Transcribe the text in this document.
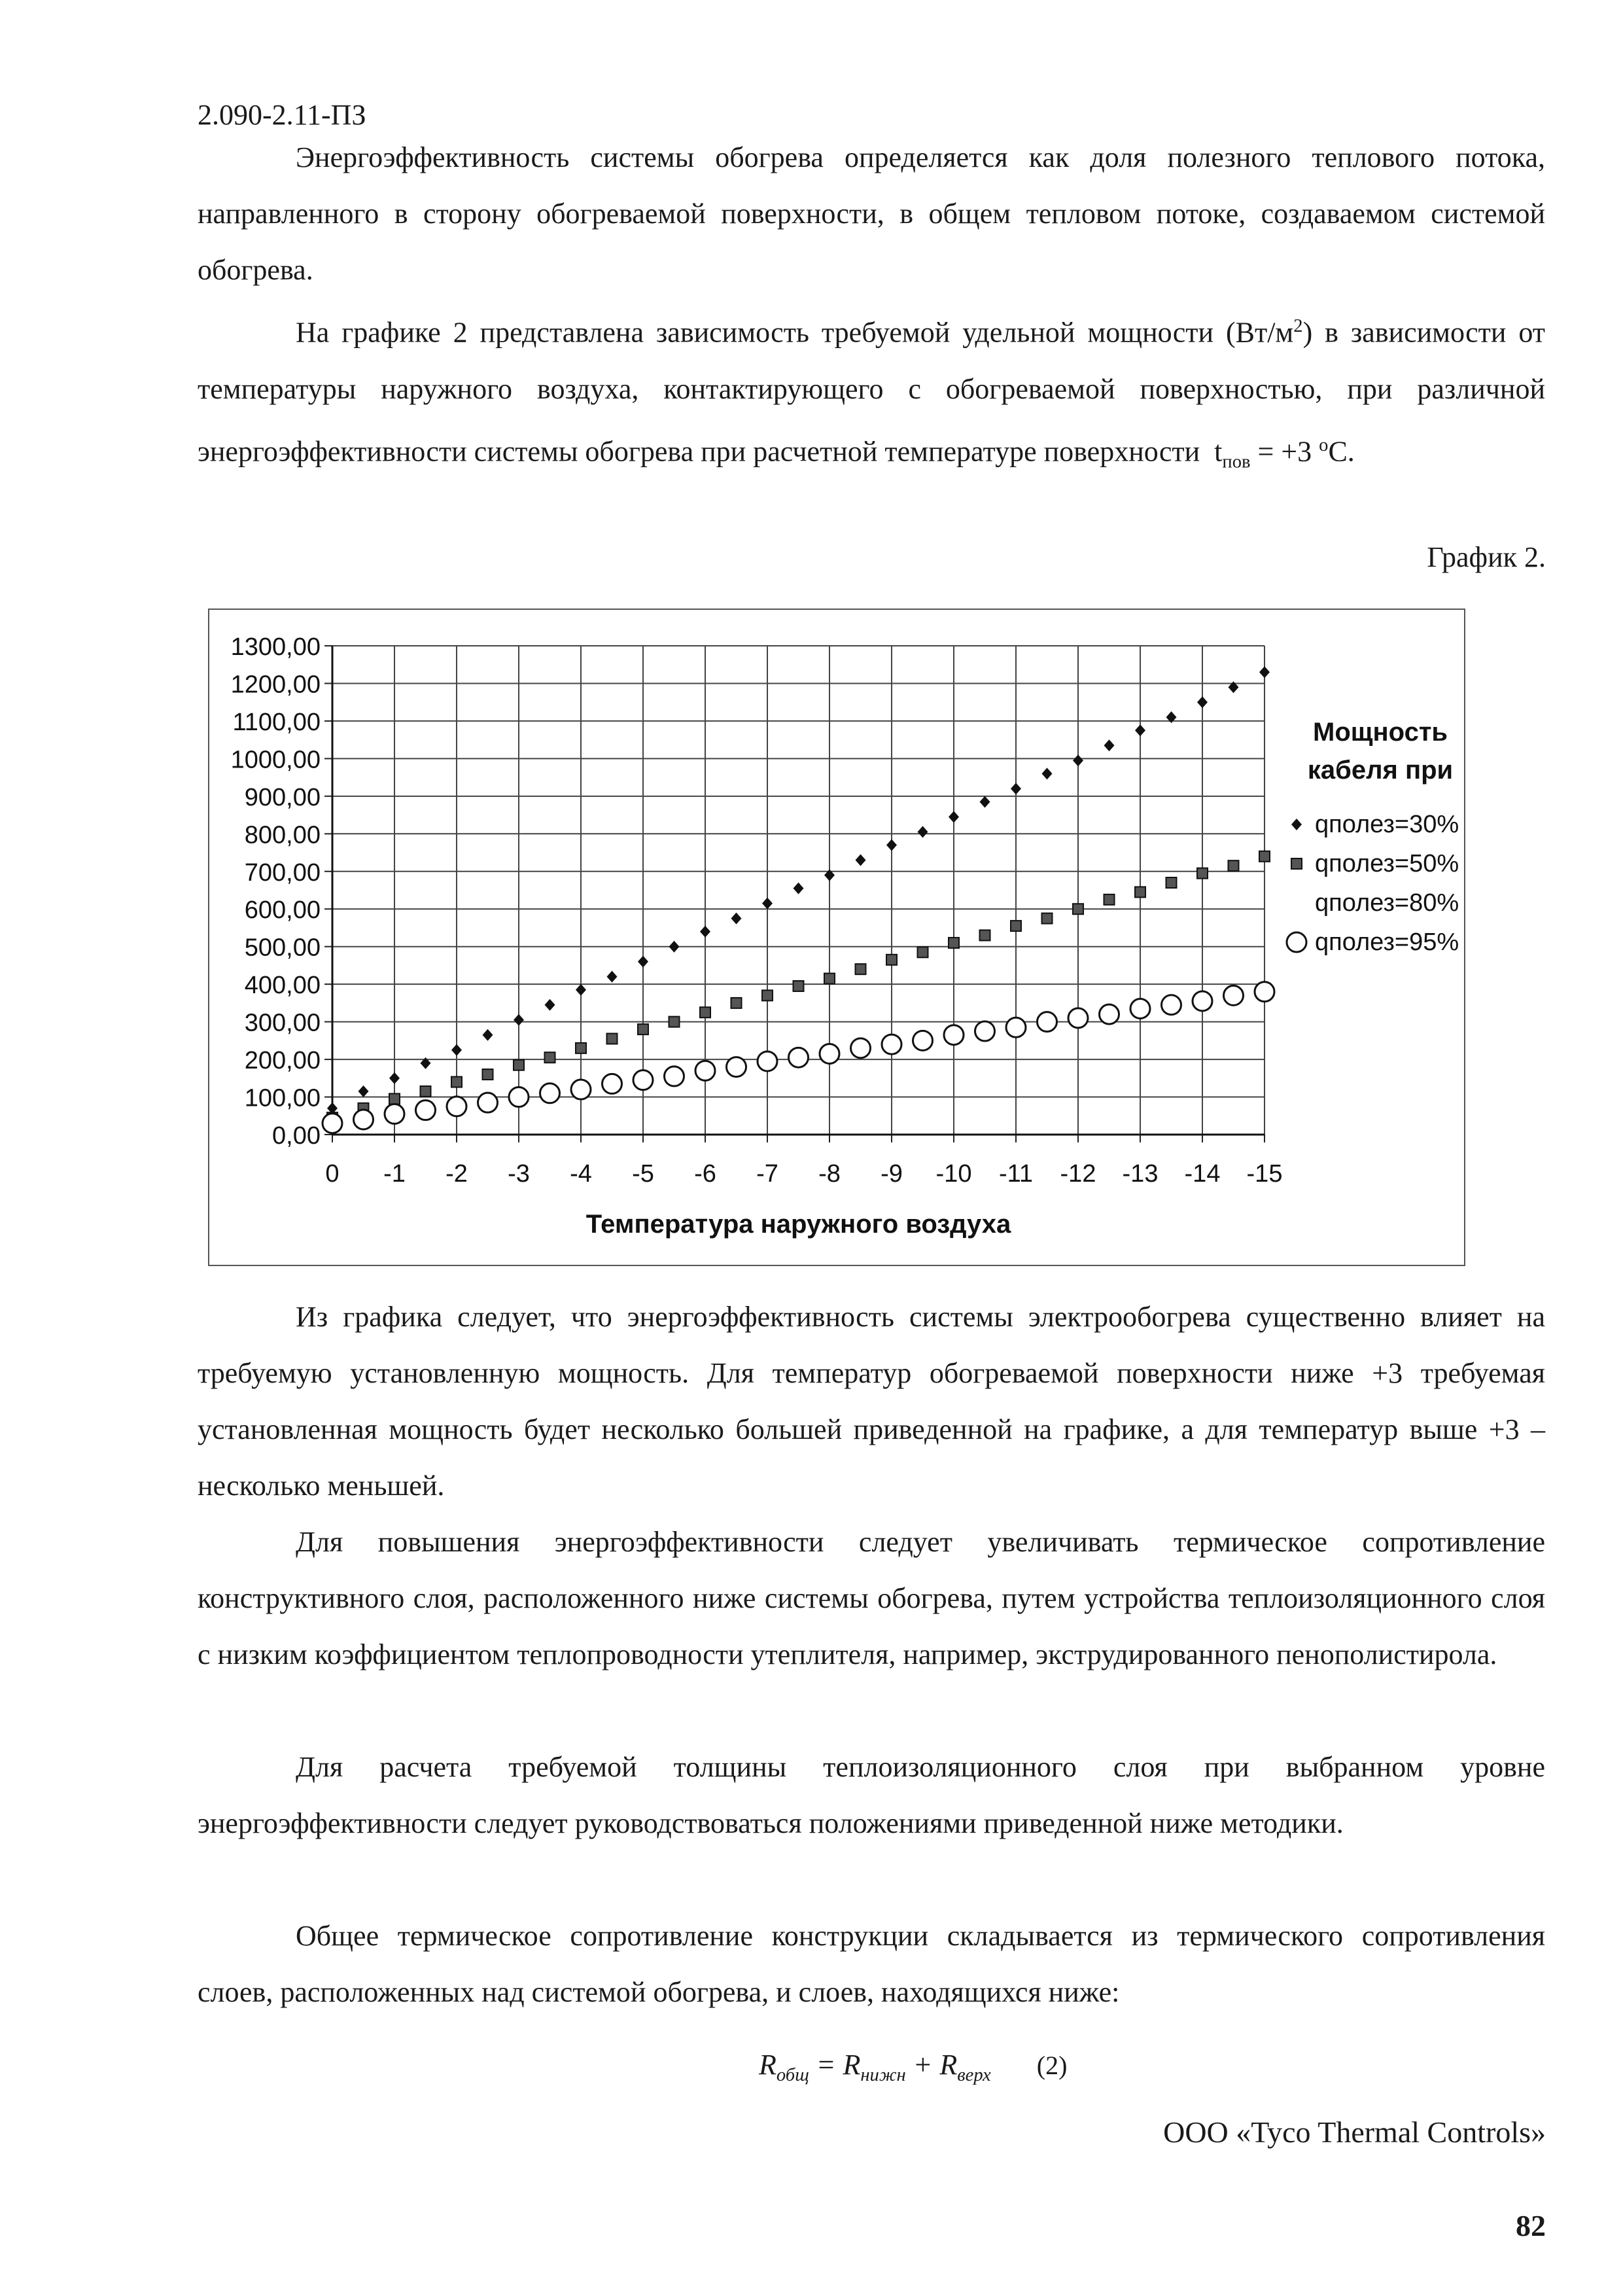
2.090-2.11-ПЗ

Энергоэффективность системы обогрева определяется как доля полезного теплового потока, направленного в сторону обогреваемой поверхности, в общем тепловом потоке, создаваемом системой обогрева.

На графике 2 представлена зависимость требуемой удельной мощности $(Вт/м^2)$ в зависимости от температуры наружного воздуха, контактирующего с обогреваемой поверхностью, при различной энергоэффективности системы обогрева при расчетной температуре поверхности $t_{пов} = +3$ $^o$C.

График 2.
0,00
100,00
200,00
300,00
400,00
500,00
600,00
700,00
800,00
900,00
1000,00
1100,00
1200,00
1300,00
0 -1 -2 -3 -4 -5 -6 -7 -8 -9 -10 -11 -12 -13 -14 -15
Температура наружного воздуха
Мощность
кабеля при
qполез=30%
qполез=50%
qполез=80%
qполез=95%

Из графика следует, что энергоэффективность системы электрообогрева существенно влияет на требуемую установленную мощность. Для температур обогреваемой поверхности ниже +3 требуемая установленная мощность будет несколько большей приведенной на графике, а для температур выше +3 – несколько меньшей.

Для повышения энергоэффективности следует увеличивать термическое сопротивление конструктивного слоя, расположенного ниже системы обогрева, путем устройства теплоизоляционного слоя с низким коэффициентом теплопроводности утеплителя, например, экструдированного пенополистирола.

Для расчета требуемой толщины теплоизоляционного слоя при выбранном уровне энергоэффективности следует руководствоваться положениями приведенной ниже методики.

Общее термическое сопротивление конструкции складывается из термического сопротивления слоев, расположенных над системой обогрева, и слоев, находящихся ниже:

$R_{общ} = R_{нижн} + R_{верх}$ (2)
ООО «Tyco Thermal Controls»
82
